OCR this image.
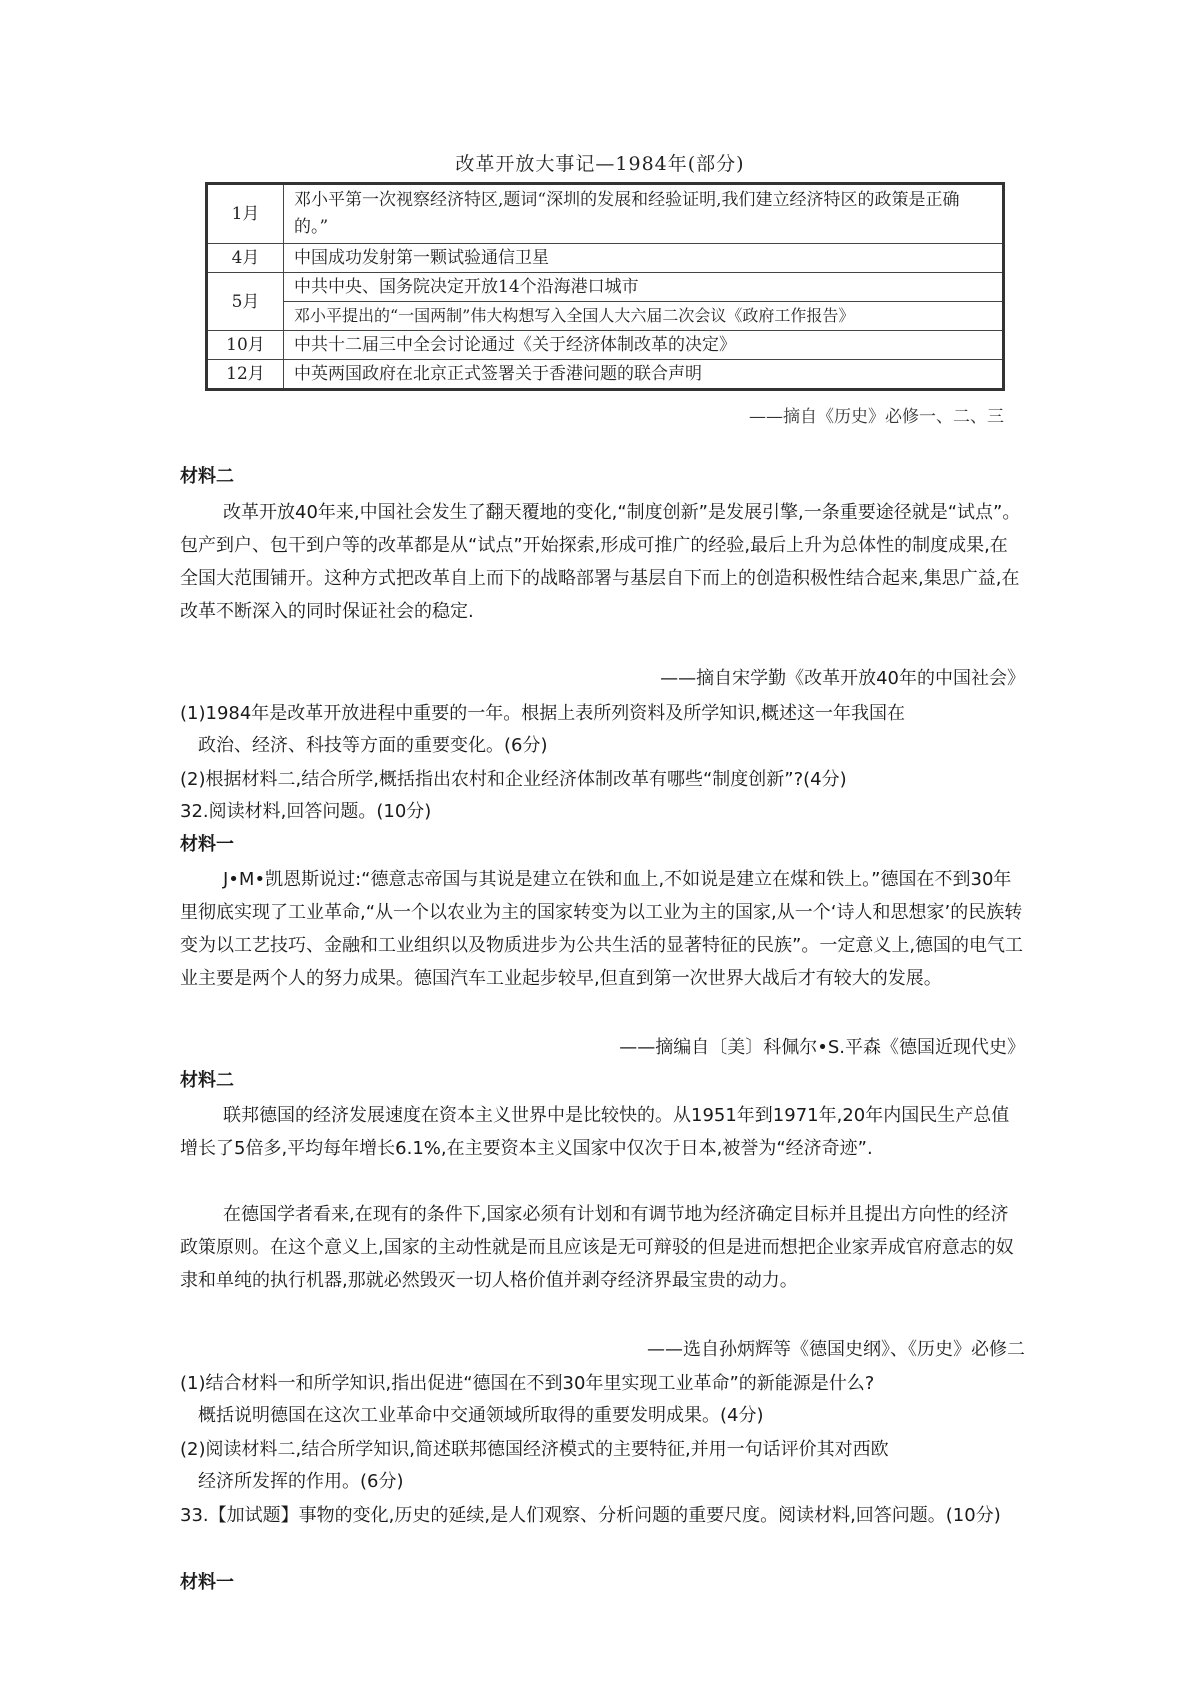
改革开放大事记—1984年(部分)
1月	邓小平第一次视察经济特区,题词“深圳的发展和经验证明,我们建立经济特区的政策是正确的。”
4月	中国成功发射第一颗试验通信卫星
5月	中共中央、国务院决定开放14个沿海港口城市
	邓小平提出的“一国两制”伟大构想写入全国人大六届二次会议《政府工作报告》
10月	中共十二届三中全会讨论通过《关于经济体制改革的决定》
12月	中英两国政府在北京正式签署关于香港问题的联合声明
——摘自《历史》必修一、二、三
材料二
改革开放40年来,中国社会发生了翻天覆地的变化,“制度创新”是发展引擎,一条重要途径就是“试点”。包产到户、包干到户等的改革都是从“试点”开始探索,形成可推广的经验,最后上升为总体性的制度成果,在全国大范围铺开。这种方式把改革自上而下的战略部署与基层自下而上的创造积极性结合起来,集思广益,在改革不断深入的同时保证社会的稳定.
——摘自宋学勤《改革开放40年的中国社会》
(1)1984年是改革开放进程中重要的一年。根据上表所列资料及所学知识,概述这一年我国在
政治、经济、科技等方面的重要变化。(6分)
(2)根据材料二,结合所学,概括指出农村和企业经济体制改革有哪些“制度创新”?(4分)
32.阅读材料,回答问题。(10分)
材料一
J•M•凯恩斯说过:“德意志帝国与其说是建立在铁和血上,不如说是建立在煤和铁上。”德国在不到30年里彻底实现了工业革命,“从一个以农业为主的国家转变为以工业为主的国家,从一个‘诗人和思想家’的民族转变为以工艺技巧、金融和工业组织以及物质进步为公共生活的显著特征的民族”。一定意义上,德国的电气工业主要是两个人的努力成果。德国汽车工业起步较早,但直到第一次世界大战后才有较大的发展。
——摘编自〔美〕科佩尔•S.平森《德国近现代史》
材料二
联邦德国的经济发展速度在资本主义世界中是比较快的。从1951年到1971年,20年内国民生产总值增长了5倍多,平均每年增长6.1%,在主要资本主义国家中仅次于日本,被誉为“经济奇迹”.
在德国学者看来,在现有的条件下,国家必须有计划和有调节地为经济确定目标并且提出方向性的经济政策原则。在这个意义上,国家的主动性就是而且应该是无可辩驳的但是进而想把企业家弄成官府意志的奴隶和单纯的执行机器,那就必然毁灭一切人格价值并剥夺经济界最宝贵的动力。
——选自孙炳辉等《德国史纲》、《历史》必修二
(1)结合材料一和所学知识,指出促进“德国在不到30年里实现工业革命”的新能源是什么?
概括说明德国在这次工业革命中交通领域所取得的重要发明成果。(4分)
(2)阅读材料二,结合所学知识,简述联邦德国经济模式的主要特征,并用一句话评价其对西欧
经济所发挥的作用。(6分)
33.【加试题】事物的变化,历史的延续,是人们观察、分析问题的重要尺度。阅读材料,回答问题。(10分)
材料一
